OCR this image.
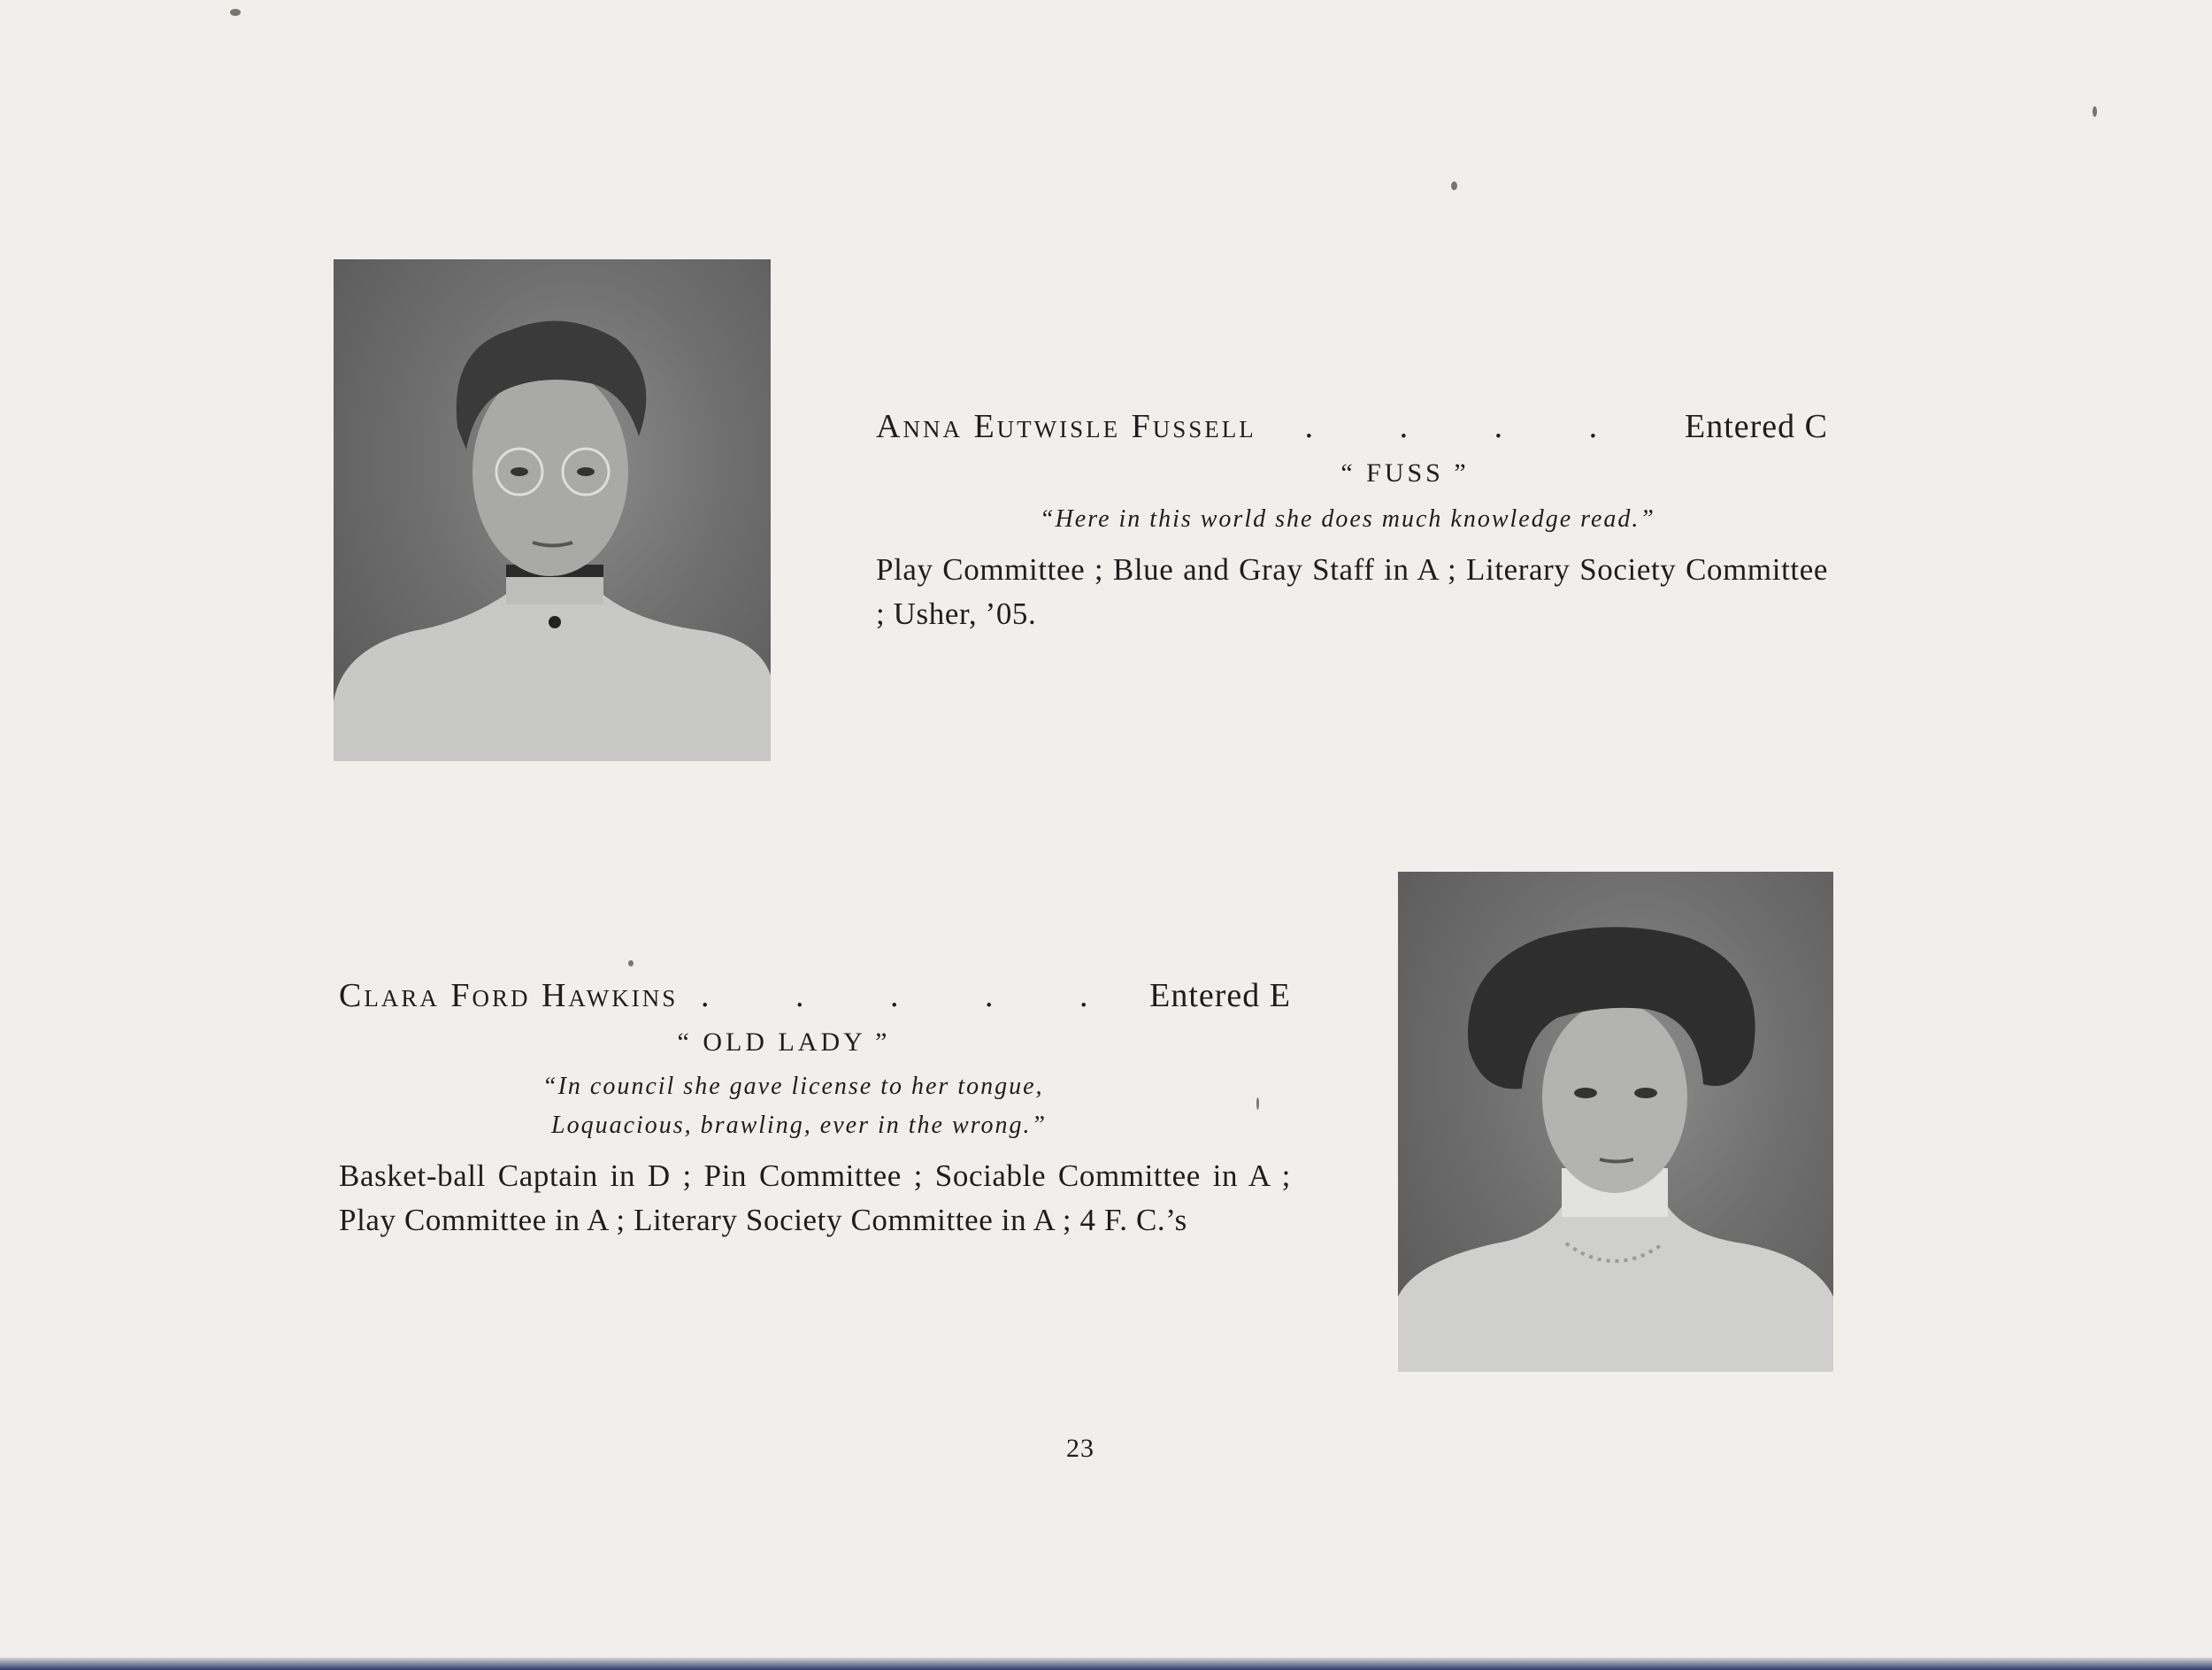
Anna Eutwisle Fussell	. . . .	Entered C
“ FUSS ”
“Here in this world she does much knowledge read.”
Play Committee ; Blue and Gray Staff in A ; Literary Society Committee ; Usher, ’05.
Clara Ford Hawkins . . . . . Entered E
“ OLD LADY ”
“In council she gave license to her tongue,
Loquacious, brawling, ever in the wrong.”
Basket-ball Captain in D ; Pin Committee ; Sociable Committee in A ; Play Committee in A ; Literary Society Committee in A ; 4 F. C.’s
23
